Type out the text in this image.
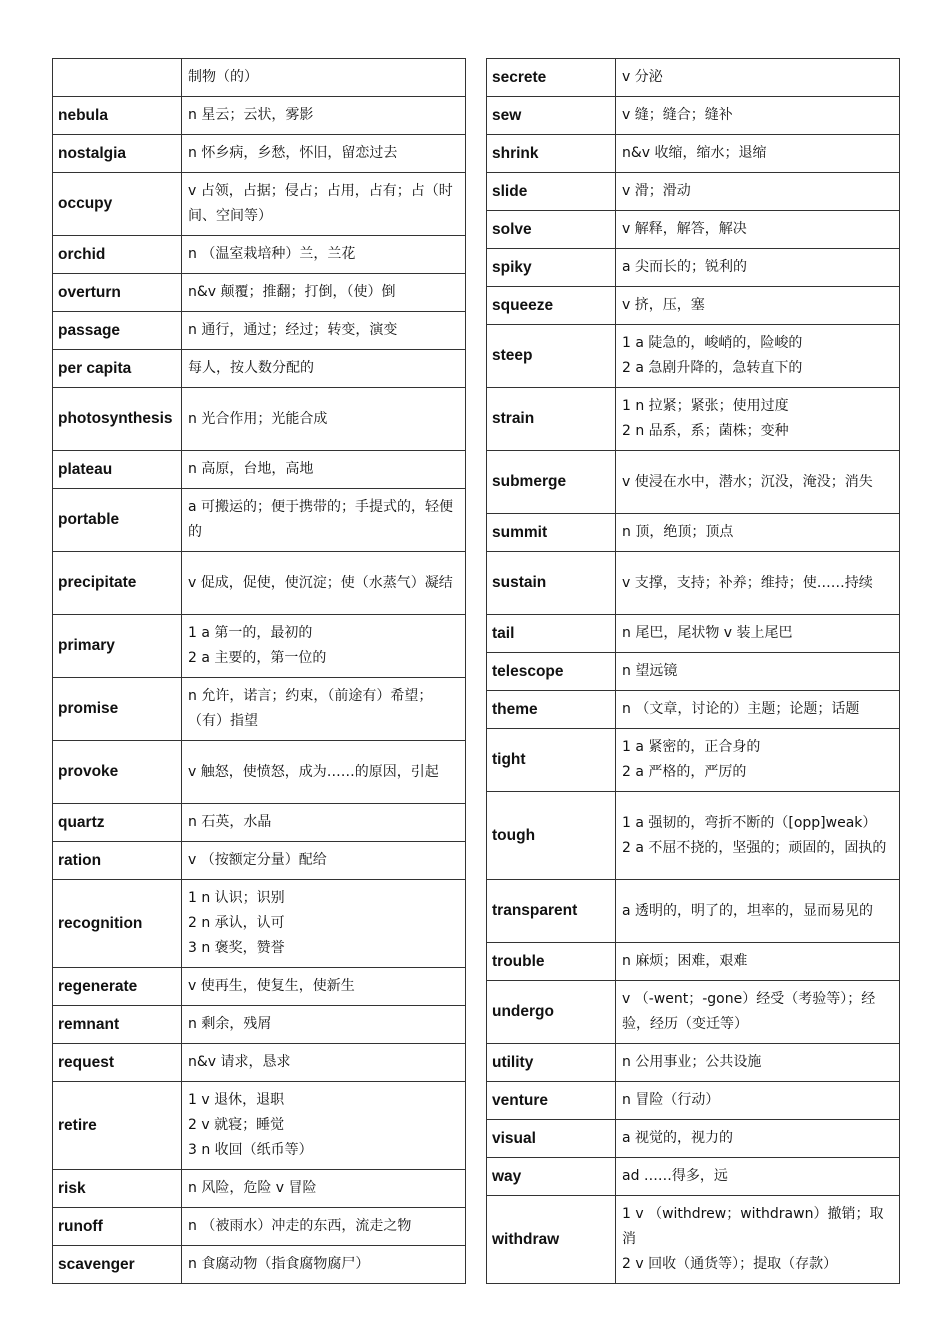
	制物（的）

nebula	n 星云；云状，雾影

nostalgia	n 怀乡病，乡愁，怀旧，留恋过去

occupy	v 占领，占据；侵占；占用，占有；占（时间、空间等）

orchid	n （温室栽培种）兰，兰花

overturn	n&v 颠覆；推翻；打倒，（使）倒

passage	n 通行，通过；经过；转变，演变

per capita	每人，按人数分配的

photosynthesis	n 光合作用；光能合成

plateau	n 高原，台地，高地

portable	a 可搬运的；便于携带的；手提式的，轻便的

precipitate	v 促成，促使，使沉淀；使（水蒸气）凝结

primary	1 a 第一的，最初的
2 a 主要的，第一位的

promise	n 允许，诺言；约束，（前途有）希望；（有）指望

provoke	v 触怒，使愤怒，成为……的原因，引起

quartz	n 石英，水晶

ration	v （按额定分量）配给

recognition	1 n 认识；识别
2 n 承认，认可
3 n 褒奖，赞誉

regenerate	v 使再生，使复生，使新生

remnant	n 剩余，残屑

request	n&v 请求，恳求

retire	1 v 退休，退职
2 v 就寝；睡觉
3 n 收回（纸币等）

risk	n 风险，危险 v 冒险

runoff	n （被雨水）冲走的东西，流走之物

scavenger	n 食腐动物（指食腐物腐尸）
secrete	v 分泌

sew	v 缝；缝合；缝补

shrink	n&v 收缩，缩水；退缩

slide	v 滑；滑动

solve	v 解释，解答，解决

spiky	a 尖而长的；锐利的

squeeze	v 挤，压，塞

steep	1 a 陡急的，峻峭的，险峻的
2 a 急剧升降的，急转直下的

strain	1 n 拉紧；紧张；使用过度
2 n 品系，系；菌株；变种

submerge	v 使浸在水中，潜水；沉没，淹没；消失

summit	n 顶，绝顶；顶点

sustain	v 支撑，支持；补养；维持；使……持续

tail	n 尾巴，尾状物 v 装上尾巴

telescope	n 望远镜

theme	n （文章，讨论的）主题；论题；话题

tight	1 a 紧密的，正合身的
2 a 严格的，严厉的

tough	1 a 强韧的，弯折不断的（[opp]weak）
2 a 不屈不挠的，坚强的；顽固的，固执的

transparent	a 透明的，明了的，坦率的，显而易见的

trouble	n 麻烦；困难，艰难

undergo	v （-went；-gone）经受（考验等）；经验，经历（变迁等）

utility	n 公用事业；公共设施

venture	n 冒险（行动）

visual	a 视觉的，视力的

way	ad ……得多，远

withdraw	1 v （withdrew；withdrawn）撤销；取消
2 v 回收（通货等）；提取（存款）
